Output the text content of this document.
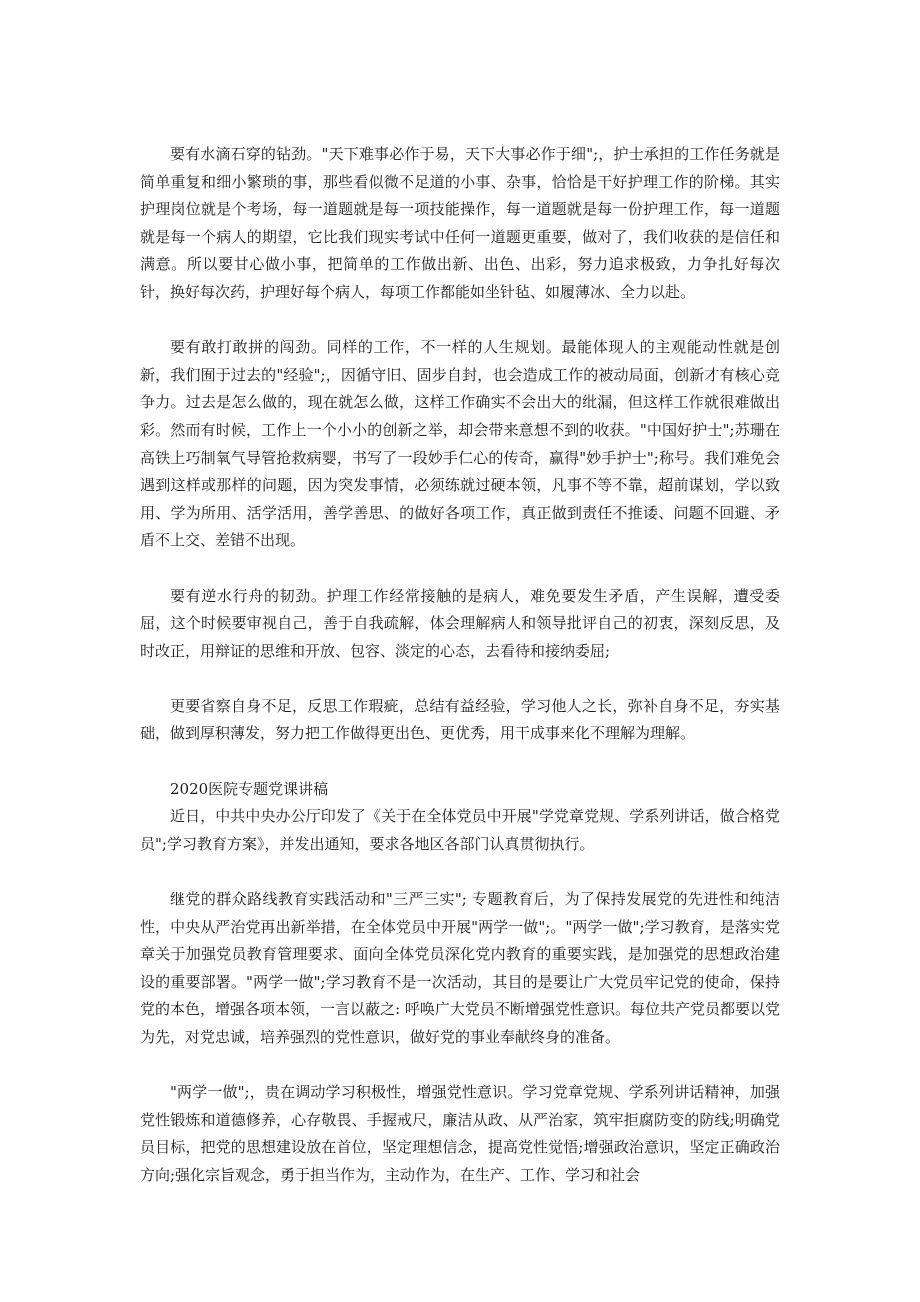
要有水滴石穿的钻劲。"天下难事必作于易，天下大事必作于细";，护士承担的工作任务就是简单重复和细小繁琐的事，那些看似微不足道的小事、杂事，恰恰是干好护理工作的阶梯。其实护理岗位就是个考场，每一道题就是每一项技能操作，每一道题就是每一份护理工作，每一道题就是每一个病人的期望，它比我们现实考试中任何一道题更重要，做对了，我们收获的是信任和满意。所以要甘心做小事，把简单的工作做出新、出色、出彩，努力追求极致，力争扎好每次针，换好每次药，护理好每个病人，每项工作都能如坐针毡、如履薄冰、全力以赴。

要有敢打敢拼的闯劲。同样的工作，不一样的人生规划。最能体现人的主观能动性就是创新，我们囿于过去的"经验";，因循守旧、固步自封，也会造成工作的被动局面，创新才有核心竞争力。过去是怎么做的，现在就怎么做，这样工作确实不会出大的纰漏，但这样工作就很难做出彩。然而有时候，工作上一个小小的创新之举，却会带来意想不到的收获。"中国好护士";苏珊在高铁上巧制氧气导管抢救病婴，书写了一段妙手仁心的传奇，赢得"妙手护士";称号。我们难免会遇到这样或那样的问题，因为突发事情，必须练就过硬本领，凡事不等不靠，超前谋划，学以致用、学为所用、活学活用，善学善思、的做好各项工作，真正做到责任不推诿、问题不回避、矛盾不上交、差错不出现。

要有逆水行舟的韧劲。护理工作经常接触的是病人，难免要发生矛盾，产生误解，遭受委屈，这个时候要审视自己，善于自我疏解，体会理解病人和领导批评自己的初衷，深刻反思，及时改正，用辩证的思维和开放、包容、淡定的心态，去看待和接纳委屈;

更要省察自身不足，反思工作瑕疵，总结有益经验，学习他人之长，弥补自身不足，夯实基础，做到厚积薄发，努力把工作做得更出色、更优秀，用干成事来化不理解为理解。

2020医院专题党课讲稿

近日，中共中央办公厅印发了《关于在全体党员中开展"学党章党规、学系列讲话，做合格党员";学习教育方案》，并发出通知，要求各地区各部门认真贯彻执行。

继党的群众路线教育实践活动和"三严三实"; 专题教育后，为了保持发展党的先进性和纯洁性，中央从严治党再出新举措，在全体党员中开展"两学一做";。"两学一做";学习教育，是落实党章关于加强党员教育管理要求、面向全体党员深化党内教育的重要实践，是加强党的思想政治建设的重要部署。"两学一做";学习教育不是一次活动，其目的是要让广大党员牢记党的使命，保持党的本色，增强各项本领，一言以蔽之: 呼唤广大党员不断增强党性意识。每位共产党员都要以党为先，对党忠诚，培养强烈的党性意识，做好党的事业奉献终身的准备。

"两学一做";，贵在调动学习积极性，增强党性意识。学习党章党规、学系列讲话精神，加强党性锻炼和道德修养，心存敬畏、手握戒尺，廉洁从政、从严治家，筑牢拒腐防变的防线;明确党员目标，把党的思想建设放在首位，坚定理想信念，提高党性觉悟;增强政治意识，坚定正确政治方向;强化宗旨观念，勇于担当作为，主动作为，在生产、工作、学习和社会
